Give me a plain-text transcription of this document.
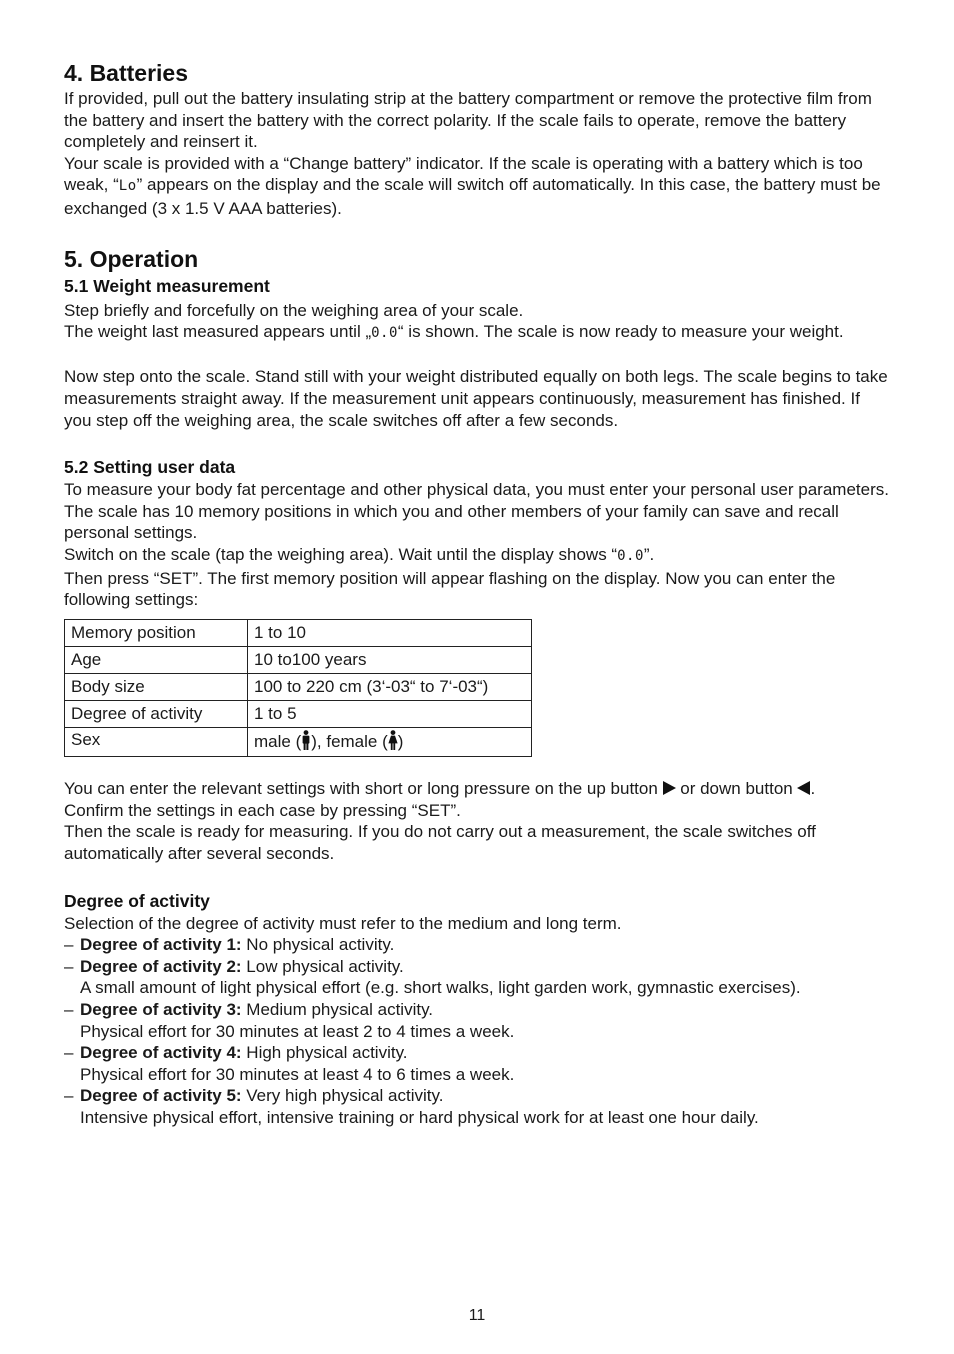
4. Batteries

If provided, pull out the battery insulating strip at the battery compartment or remove the protective film from the battery and insert the battery with the correct polarity. If the scale fails to operate, remove the battery completely and reinsert it.

Your scale is provided with a “Change battery” indicator. If the scale is operating with a battery which is too weak, “Lo” appears on the display and the scale will switch off automatically. In this case, the battery must be exchanged (3 x 1.5 V AAA batteries).

5. Operation
5.1 Weight measurement

Step briefly and forcefully on the weighing area of your scale.

The weight last measured appears until „0.0“ is shown. The scale is now ready to measure your weight.

Now step onto the scale. Stand still with your weight distributed equally on both legs. The scale begins to take measurements straight away. If the measurement unit appears continuously, measurement has finished. If you step off the weighing area, the scale switches off after a few seconds.

5.2 Setting user data

To measure your body fat percentage and other physical data, you must enter your personal user parameters.

The scale has 10 memory positions in which you and other members of your family can save and recall personal settings.

Switch on the scale (tap the weighing area). Wait until the display shows “0.0”.

Then press “SET”. The first memory position will appear flashing on the display. Now you can enter the following settings:

Memory position	1 to 10
Age	10 to100 years
Body size	100 to 220 cm (3‘-03“ to 7‘-03“)
Degree of activity	1 to 5
Sex	male ( ), female ( )

You can enter the relevant settings with short or long pressure on the up button  or down button .

Confirm the settings in each case by pressing “SET”.

Then the scale is ready for measuring. If you do not carry out a measurement, the scale switches off automatically after several seconds.

Degree of activity

Selection of the degree of activity must refer to the medium and long term.

– Degree of activity 1: No physical activity.
– Degree of activity 2: Low physical activity.
A small amount of light physical effort (e.g. short walks, light garden work, gymnastic exercises).
– Degree of activity 3: Medium physical activity.
Physical effort for 30 minutes at least 2 to 4 times a week.
– Degree of activity 4: High physical activity.
Physical effort for 30 minutes at least 4 to 6 times a week.
– Degree of activity 5: Very high physical activity.
Intensive physical effort, intensive training or hard physical work for at least one hour daily.
11
